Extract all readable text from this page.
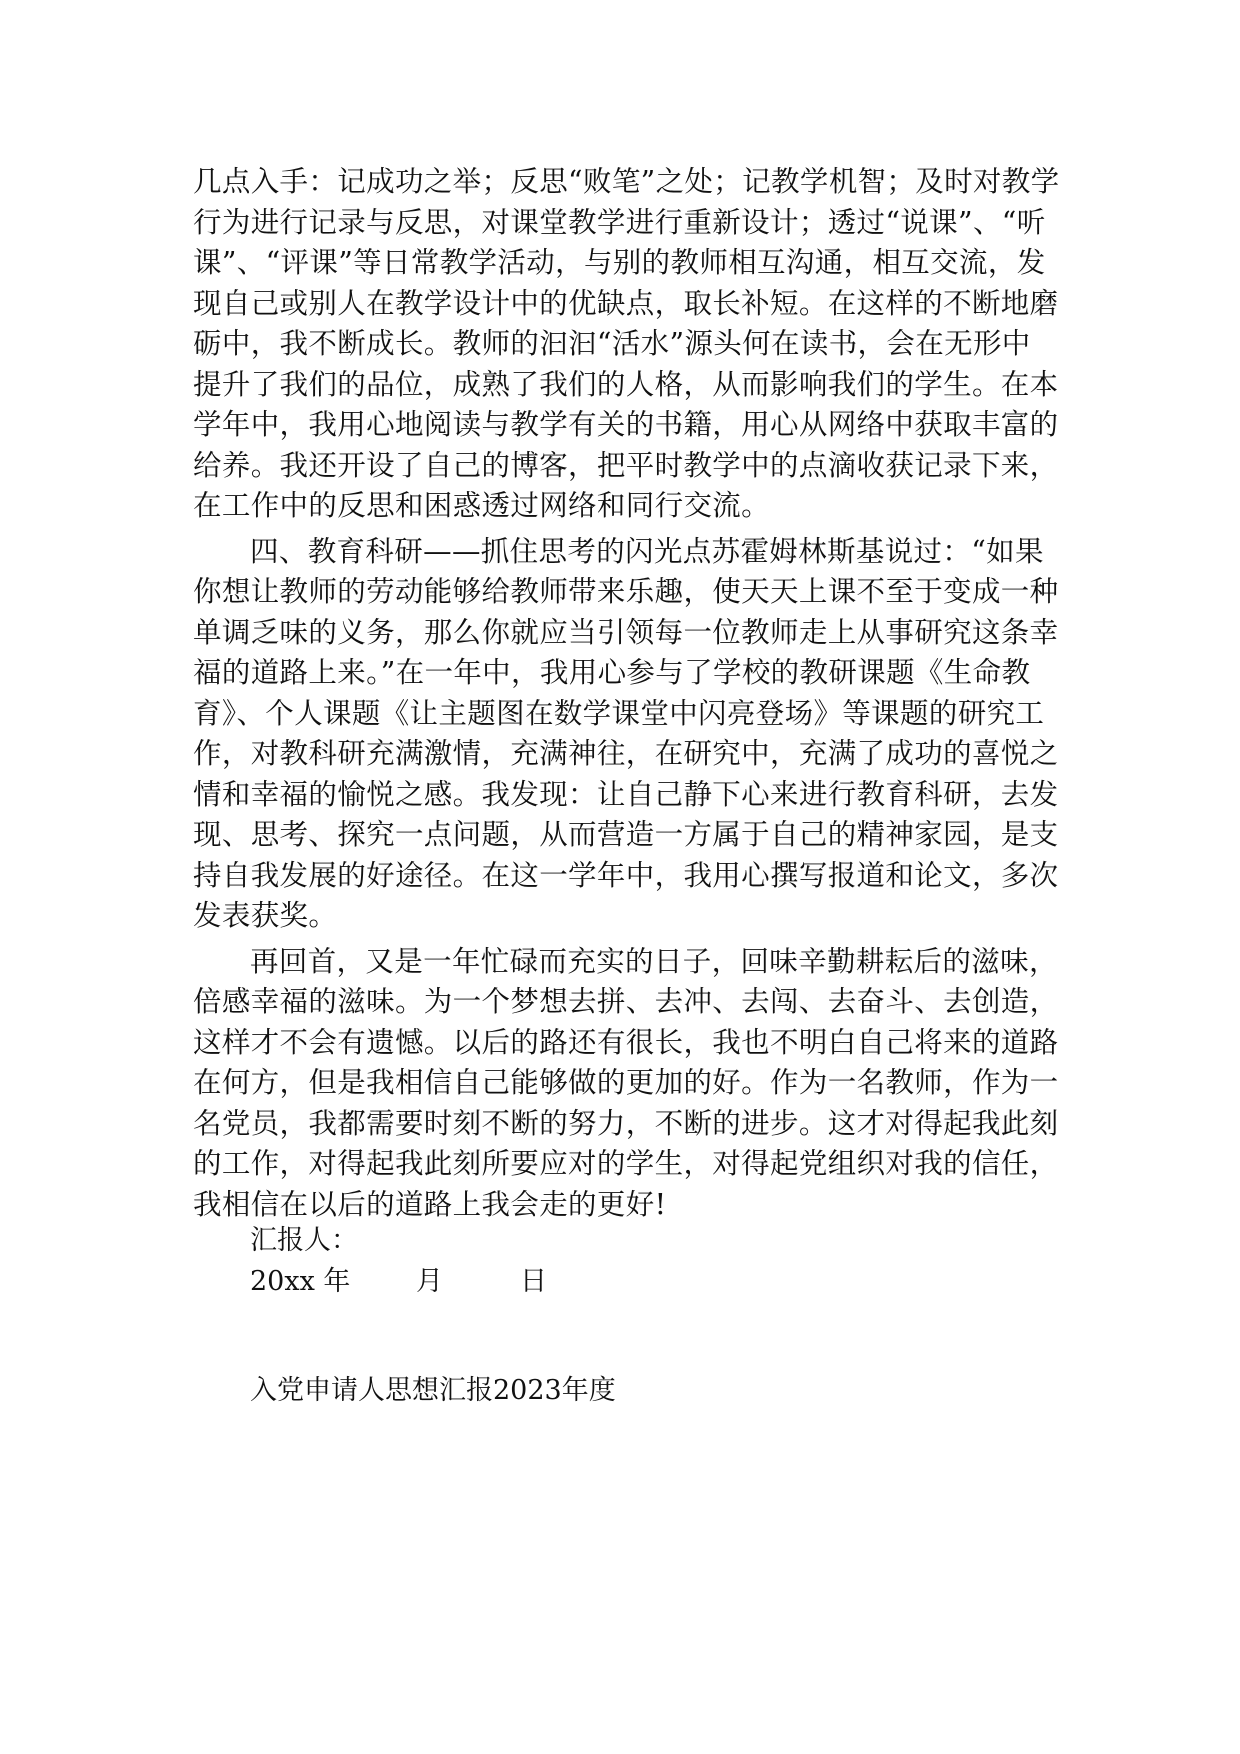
几点入手：记成功之举；反思“败笔”之处；记教学机智；及时对教学
行为进行记录与反思，对课堂教学进行重新设计；透过“说课”、“听
课”、“评课”等日常教学活动，与别的教师相互沟通，相互交流，发
现自己或别人在教学设计中的优缺点，取长补短。在这样的不断地磨
砺中，我不断成长。教师的汩汩“活水”源头何在读书，会在无形中
提升了我们的品位，成熟了我们的人格，从而影响我们的学生。在本
学年中，我用心地阅读与教学有关的书籍，用心从网络中获取丰富的
给养。我还开设了自己的博客，把平时教学中的点滴收获记录下来，
在工作中的反思和困惑透过网络和同行交流。
四、教育科研——抓住思考的闪光点苏霍姆林斯基说过：“如果
你想让教师的劳动能够给教师带来乐趣，使天天上课不至于变成一种
单调乏味的义务，那么你就应当引领每一位教师走上从事研究这条幸
福的道路上来。”在一年中，我用心参与了学校的教研课题《生命教
育》、个人课题《让主题图在数学课堂中闪亮登场》等课题的研究工
作，对教科研充满激情，充满神往，在研究中，充满了成功的喜悦之
情和幸福的愉悦之感。我发现：让自己静下心来进行教育科研，去发
现、思考、探究一点问题，从而营造一方属于自己的精神家园，是支
持自我发展的好途径。在这一学年中，我用心撰写报道和论文，多次
发表获奖。
再回首，又是一年忙碌而充实的日子，回味辛勤耕耘后的滋味，
倍感幸福的滋味。为一个梦想去拼、去冲、去闯、去奋斗、去创造，
这样才不会有遗憾。以后的路还有很长，我也不明白自己将来的道路
在何方，但是我相信自己能够做的更加的好。作为一名教师，作为一
名党员，我都需要时刻不断的努力，不断的进步。这才对得起我此刻
的工作，对得起我此刻所要应对的学生，对得起党组织对我的信任，
我相信在以后的道路上我会走的更好!
汇报人：
20xx 年 月	日
入党申请人思想汇报2023年度
